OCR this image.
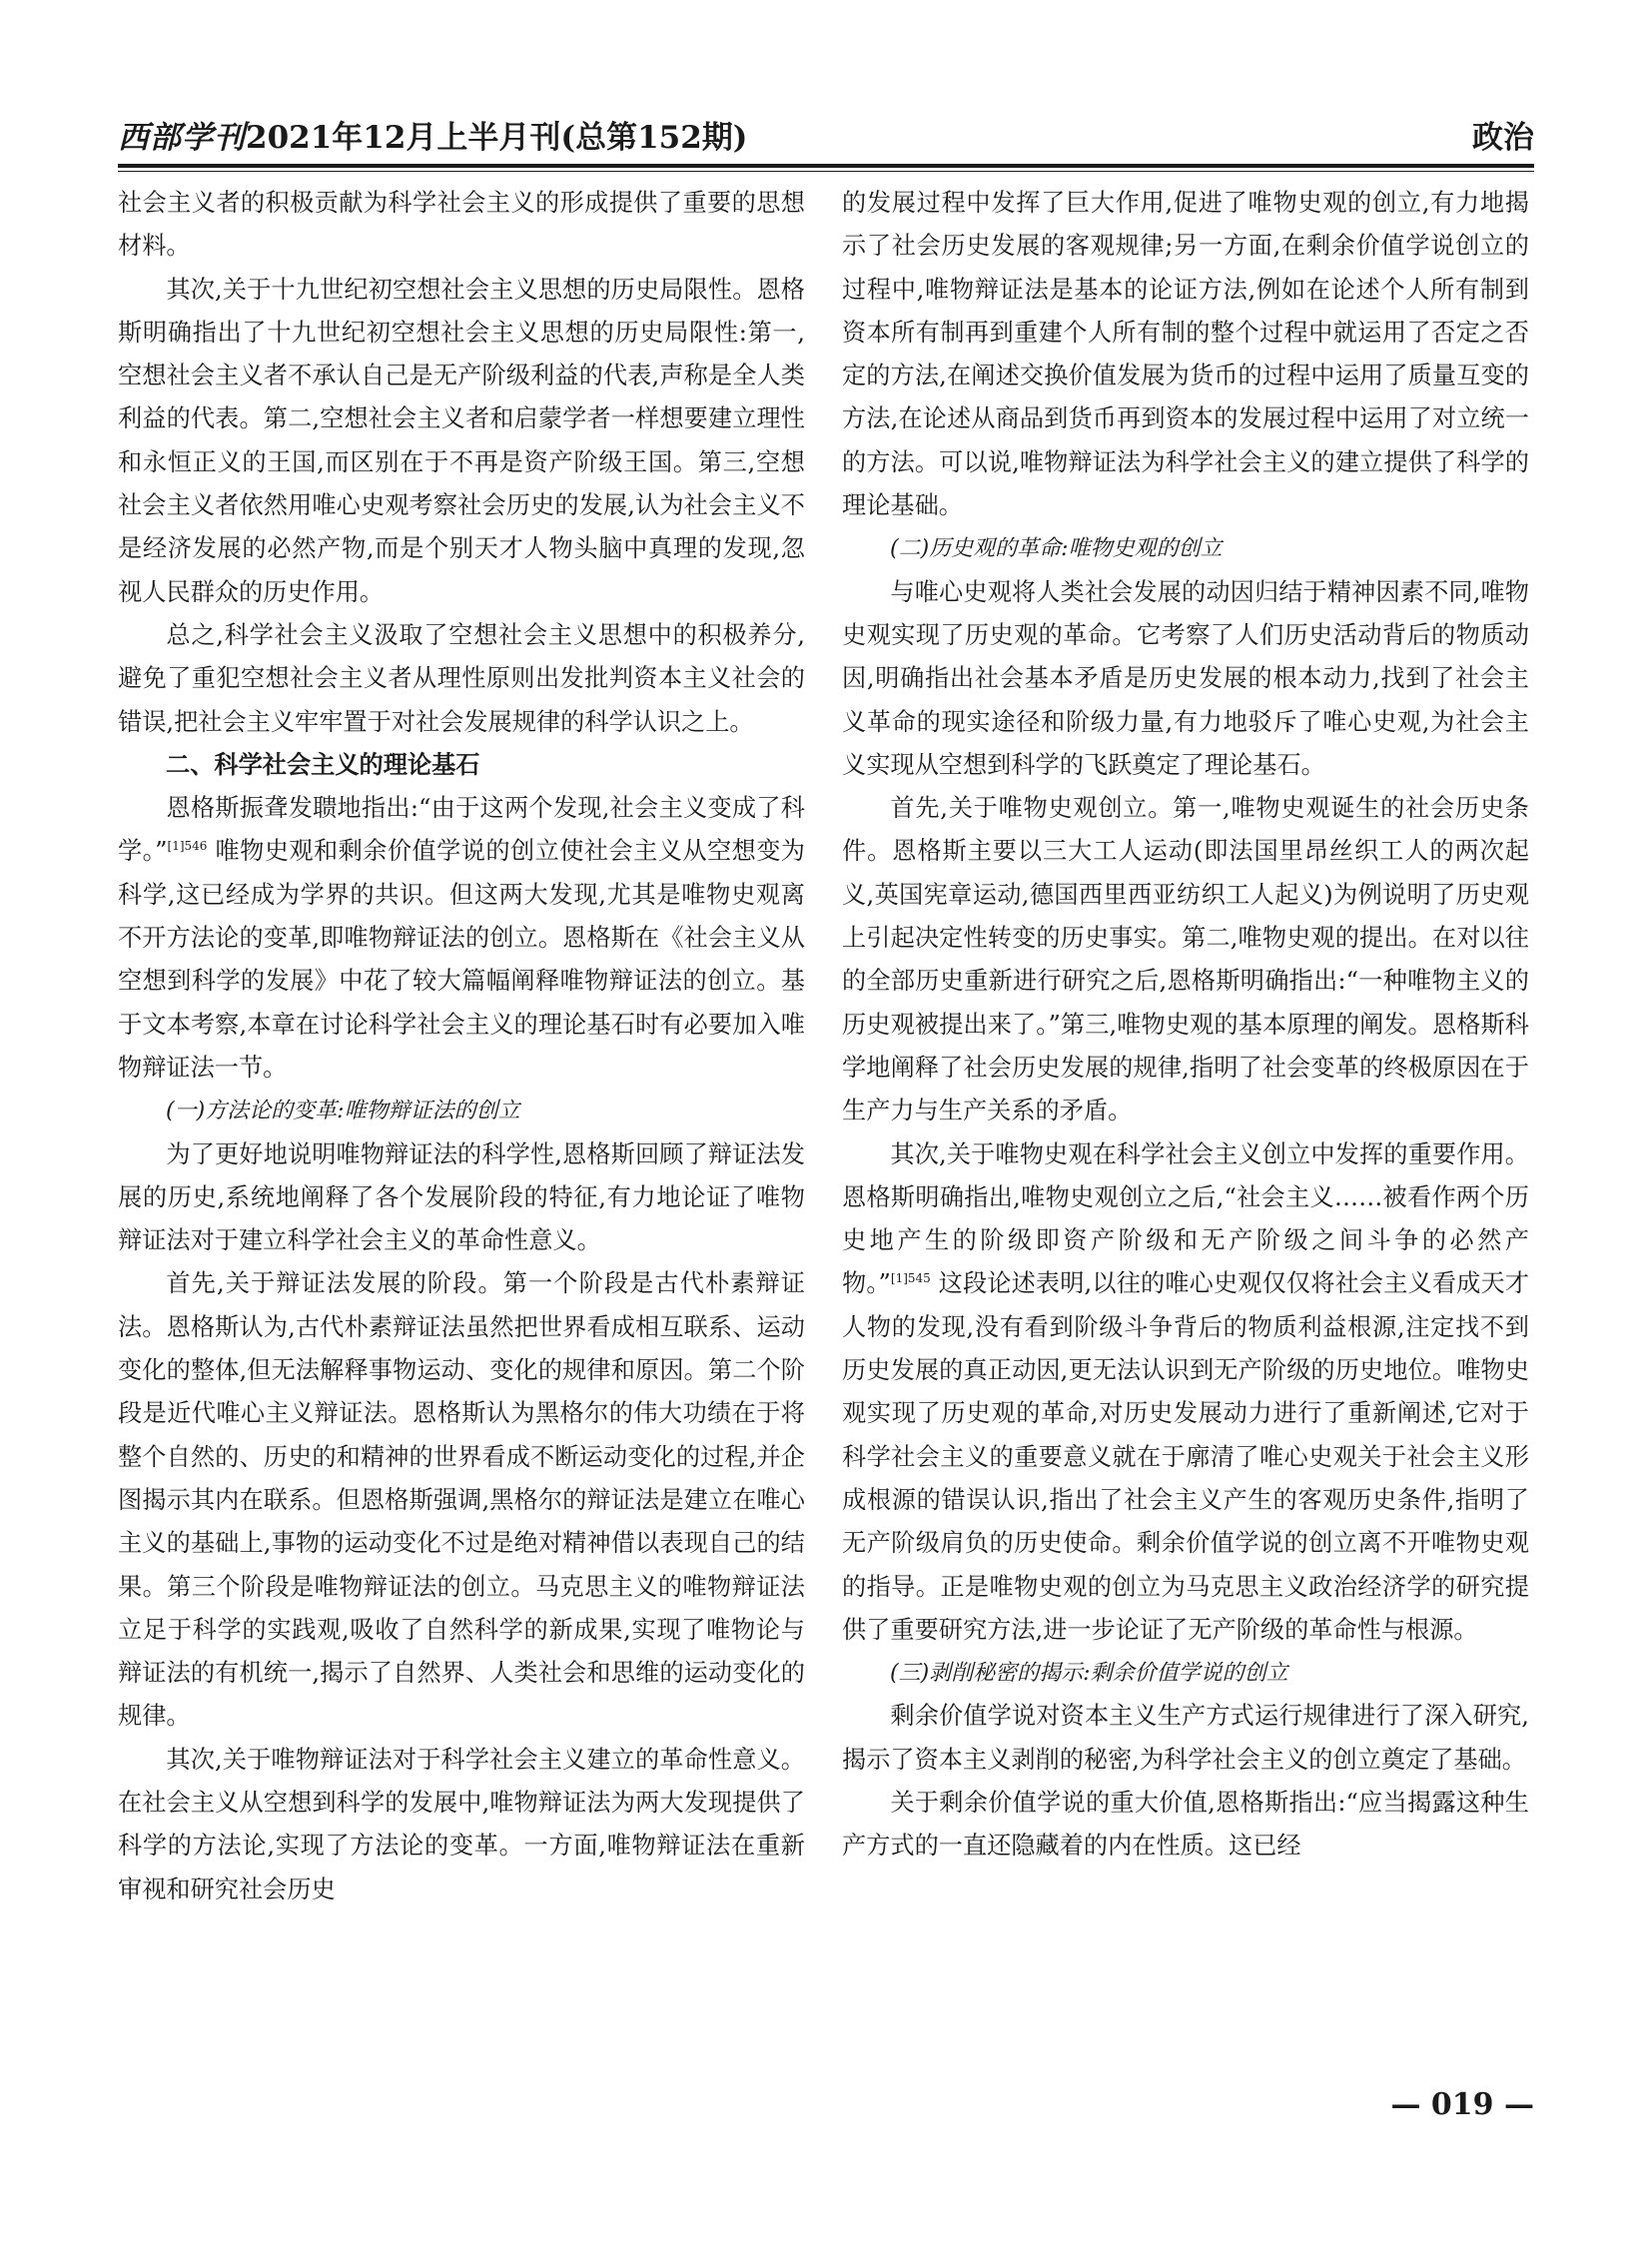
西部学刊2021年12月上半月刊(总第152期)	政治

社会主义者的积极贡献为科学社会主义的形成提供了重要的思想材料。

其次,关于十九世纪初空想社会主义思想的历史局限性。恩格斯明确指出了十九世纪初空想社会主义思想的历史局限性:第一,空想社会主义者不承认自己是无产阶级利益的代表,声称是全人类利益的代表。第二,空想社会主义者和启蒙学者一样想要建立理性和永恒正义的王国,而区别在于不再是资产阶级王国。第三,空想社会主义者依然用唯心史观考察社会历史的发展,认为社会主义不是经济发展的必然产物,而是个别天才人物头脑中真理的发现,忽视人民群众的历史作用。

总之,科学社会主义汲取了空想社会主义思想中的积极养分,避免了重犯空想社会主义者从理性原则出发批判资本主义社会的错误,把社会主义牢牢置于对社会发展规律的科学认识之上。

二、科学社会主义的理论基石

恩格斯振聋发聩地指出:“由于这两个发现,社会主义变成了科学。”$^{[1]546}$ 唯物史观和剩余价值学说的创立使社会主义从空想变为科学,这已经成为学界的共识。但这两大发现,尤其是唯物史观离不开方法论的变革,即唯物辩证法的创立。恩格斯在《社会主义从空想到科学的发展》中花了较大篇幅阐释唯物辩证法的创立。基于文本考察,本章在讨论科学社会主义的理论基石时有必要加入唯物辩证法一节。

(一)方法论的变革:唯物辩证法的创立

为了更好地说明唯物辩证法的科学性,恩格斯回顾了辩证法发展的历史,系统地阐释了各个发展阶段的特征,有力地论证了唯物辩证法对于建立科学社会主义的革命性意义。

首先,关于辩证法发展的阶段。第一个阶段是古代朴素辩证法。恩格斯认为,古代朴素辩证法虽然把世界看成相互联系、运动变化的整体,但无法解释事物运动、变化的规律和原因。第二个阶段是近代唯心主义辩证法。恩格斯认为黑格尔的伟大功绩在于将整个自然的、历史的和精神的世界看成不断运动变化的过程,并企图揭示其内在联系。但恩格斯强调,黑格尔的辩证法是建立在唯心主义的基础上,事物的运动变化不过是绝对精神借以表现自己的结果。第三个阶段是唯物辩证法的创立。马克思主义的唯物辩证法立足于科学的实践观,吸收了自然科学的新成果,实现了唯物论与辩证法的有机统一,揭示了自然界、人类社会和思维的运动变化的规律。

其次,关于唯物辩证法对于科学社会主义建立的革命性意义。在社会主义从空想到科学的发展中,唯物辩证法为两大发现提供了科学的方法论,实现了方法论的变革。一方面,唯物辩证法在重新审视和研究社会历史

的发展过程中发挥了巨大作用,促进了唯物史观的创立,有力地揭示了社会历史发展的客观规律;另一方面,在剩余价值学说创立的过程中,唯物辩证法是基本的论证方法,例如在论述个人所有制到资本所有制再到重建个人所有制的整个过程中就运用了否定之否定的方法,在阐述交换价值发展为货币的过程中运用了质量互变的方法,在论述从商品到货币再到资本的发展过程中运用了对立统一的方法。可以说,唯物辩证法为科学社会主义的建立提供了科学的理论基础。

(二)历史观的革命:唯物史观的创立

与唯心史观将人类社会发展的动因归结于精神因素不同,唯物史观实现了历史观的革命。它考察了人们历史活动背后的物质动因,明确指出社会基本矛盾是历史发展的根本动力,找到了社会主义革命的现实途径和阶级力量,有力地驳斥了唯心史观,为社会主义实现从空想到科学的飞跃奠定了理论基石。

首先,关于唯物史观创立。第一,唯物史观诞生的社会历史条件。恩格斯主要以三大工人运动(即法国里昂丝织工人的两次起义,英国宪章运动,德国西里西亚纺织工人起义)为例说明了历史观上引起决定性转变的历史事实。第二,唯物史观的提出。在对以往的全部历史重新进行研究之后,恩格斯明确指出:“一种唯物主义的历史观被提出来了。”第三,唯物史观的基本原理的阐发。恩格斯科学地阐释了社会历史发展的规律,指明了社会变革的终极原因在于生产力与生产关系的矛盾。

其次,关于唯物史观在科学社会主义创立中发挥的重要作用。恩格斯明确指出,唯物史观创立之后,“社会主义……被看作两个历史地产生的阶级即资产阶级和无产阶级之间斗争的必然产物。”$^{[1]545}$ 这段论述表明,以往的唯心史观仅仅将社会主义看成天才人物的发现,没有看到阶级斗争背后的物质利益根源,注定找不到历史发展的真正动因,更无法认识到无产阶级的历史地位。唯物史观实现了历史观的革命,对历史发展动力进行了重新阐述,它对于科学社会主义的重要意义就在于廓清了唯心史观关于社会主义形成根源的错误认识,指出了社会主义产生的客观历史条件,指明了无产阶级肩负的历史使命。剩余价值学说的创立离不开唯物史观的指导。正是唯物史观的创立为马克思主义政治经济学的研究提供了重要研究方法,进一步论证了无产阶级的革命性与根源。

(三)剥削秘密的揭示:剩余价值学说的创立

剩余价值学说对资本主义生产方式运行规律进行了深入研究,揭示了资本主义剥削的秘密,为科学社会主义的创立奠定了基础。

关于剩余价值学说的重大价值,恩格斯指出:“应当揭露这种生产方式的一直还隐藏着的内在性质。这已经

— 019 —
